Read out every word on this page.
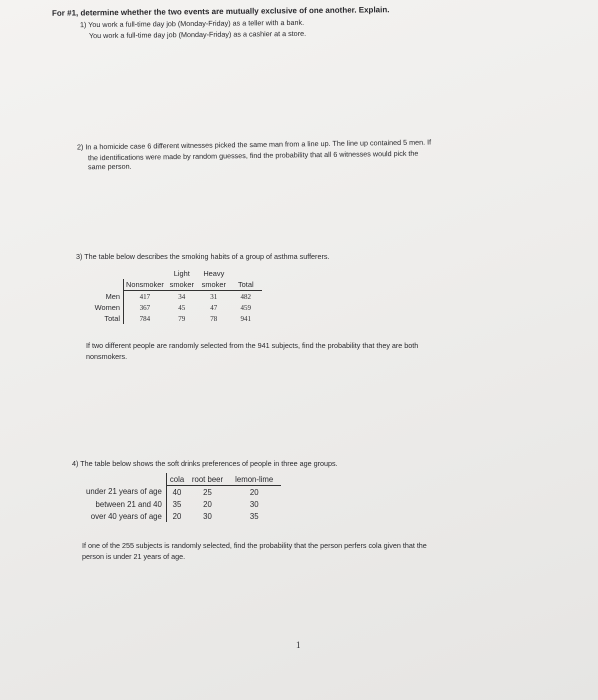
For #1, determine whether the two events are mutually exclusive of one another. Explain.
1) You work a full-time day job (Monday-Friday) as a teller with a bank.
You work a full-time day job (Monday-Friday) as a cashier at a store.
2) In a homicide case 6 different witnesses picked the same man from a line up. The line up contained 5 men. If
the identifications were made by random guesses, find the probability that all 6 witnesses would pick the
same person.
3) The table below describes the smoking habits of a group of asthma sufferers.
		Light	Heavy	
	Nonsmoker	smoker	smoker	Total
Men	417	34	31	482
Women	367	45	47	459
Total	784	79	78	941
If two different people are randomly selected from the 941 subjects, find the probability that they are both
nonsmokers.
4) The table below shows the soft drinks preferences of people in three age groups.
	cola	root beer	lemon-lime
under 21 years of age	40	25	20
between 21 and 40	35	20	30
over 40 years of age	20	30	35
If one of the 255 subjects is randomly selected, find the probability that the person perfers cola given that the
person is under 21 years of age.
1
